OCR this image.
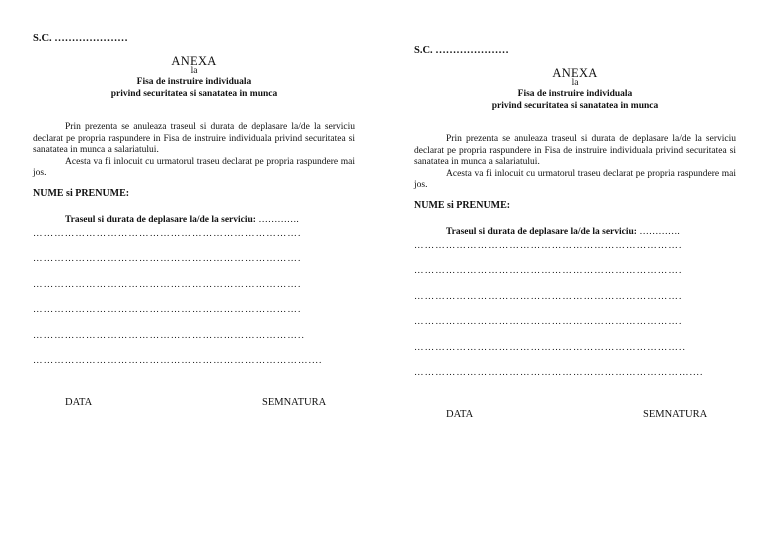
S.C. …………………
ANEXA
la
Fisa de instruire individuala
privind securitatea si sanatatea in munca

Prin prezenta se anuleaza traseul si durata de deplasare la/de la serviciu declarat pe propria raspundere in Fisa de instruire individuala privind securitatea si sanatatea in munca a salariatului.

Acesta va fi inlocuit cu urmatorul traseu declarat pe propria raspundere mai jos.

NUME si PRENUME:
Traseul si durata de deplasare la/de la serviciu: ………….
………………………………………………………………….
………………………………………………………………….
………………………………………………………………….
………………………………………………………………….
…………………………………………………………………..
……………………………………………………………………....
DATA	SEMNATURA
S.C. …………………
ANEXA
la
Fisa de instruire individuala
privind securitatea si sanatatea in munca

Prin prezenta se anuleaza traseul si durata de deplasare la/de la serviciu declarat pe propria raspundere in Fisa de instruire individuala privind securitatea si sanatatea in munca a salariatului.

Acesta va fi inlocuit cu urmatorul traseu declarat pe propria raspundere mai jos.

NUME si PRENUME:
Traseul si durata de deplasare la/de la serviciu: ………….
………………………………………………………………….
………………………………………………………………….
………………………………………………………………….
………………………………………………………………….
…………………………………………………………………..
……………………………………………………………………....
DATA	SEMNATURA
